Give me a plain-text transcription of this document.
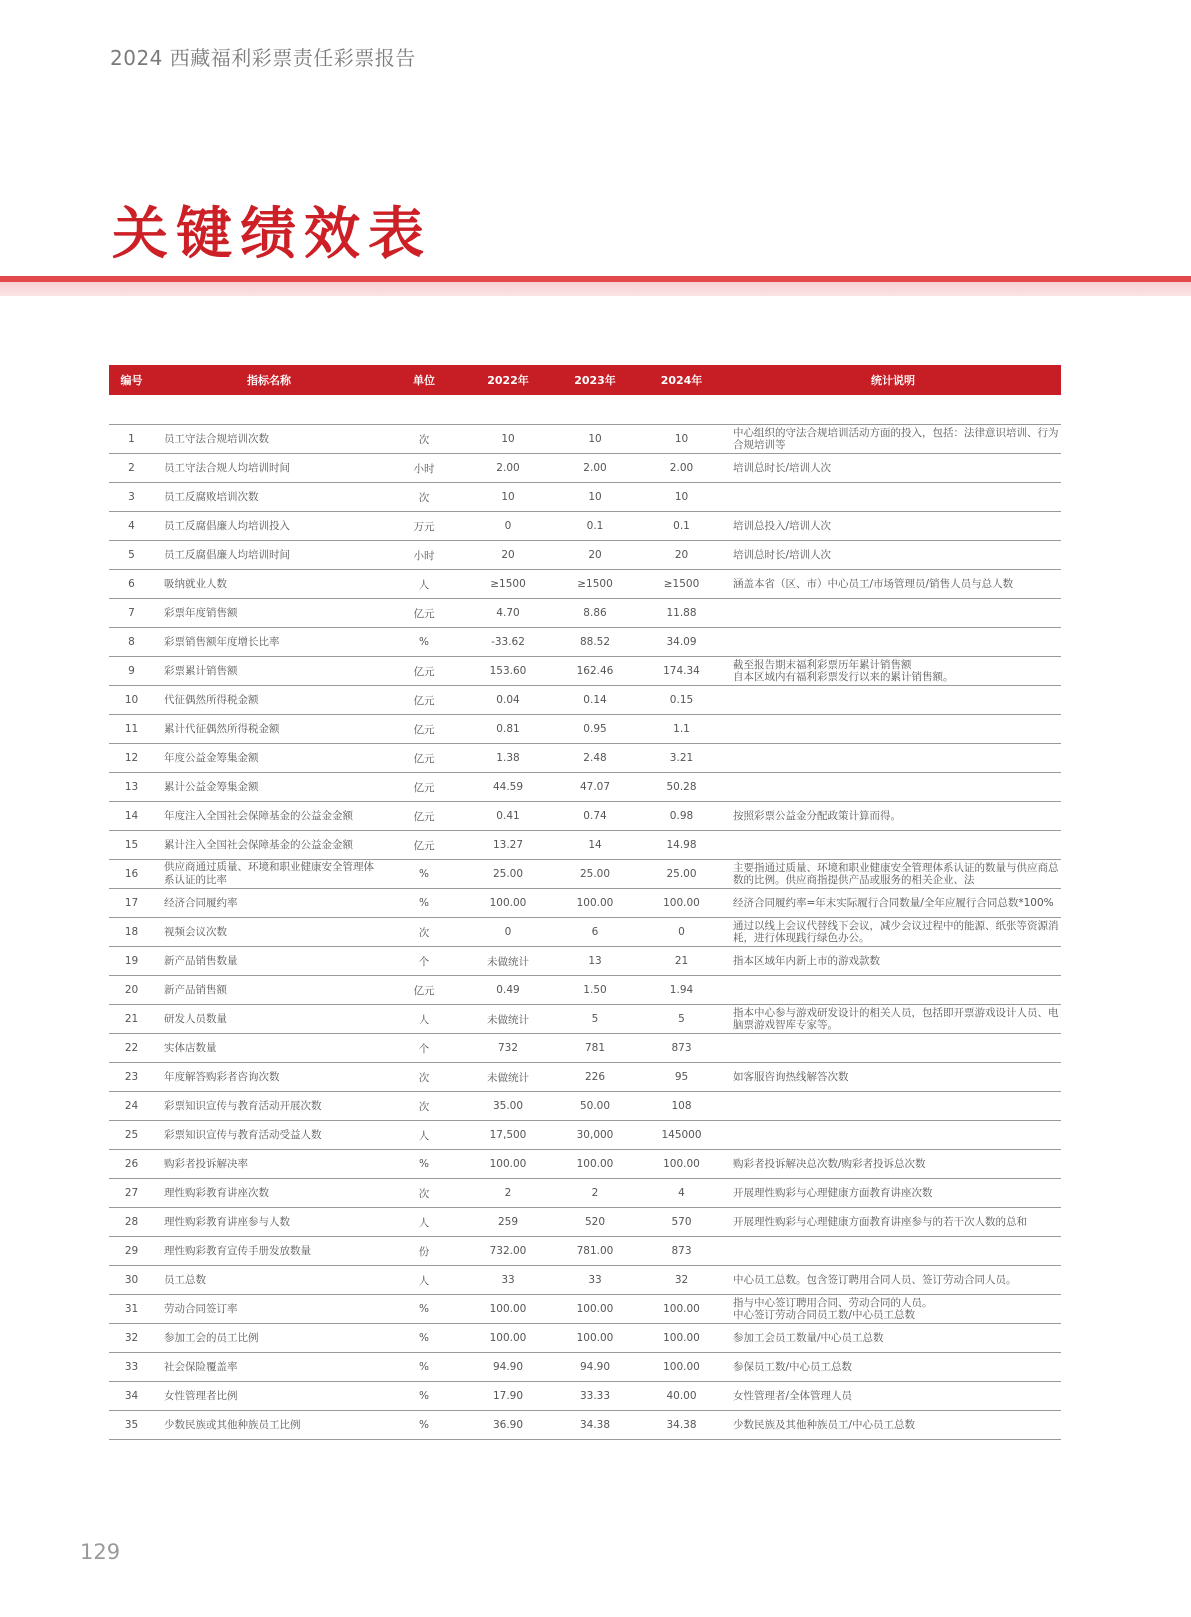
2024 西藏福利彩票责任彩票报告
关键绩效表
编号	指标名称	单位	2022年	2023年	2024年	统计说明

1	员工守法合规培训次数	次	10	10	10	中心组织的守法合规培训活动方面的投入，包括：法律意识培训、行为合规培训等
2	员工守法合规人均培训时间	小时	2.00	2.00	2.00	培训总时长/培训人次
3	员工反腐败培训次数	次	10	10	10	
4	员工反腐倡廉人均培训投入	万元	0	0.1	0.1	培训总投入/培训人次
5	员工反腐倡廉人均培训时间	小时	20	20	20	培训总时长/培训人次
6	吸纳就业人数	人	≥1500	≥1500	≥1500	涵盖本省（区、市）中心员工/市场管理员/销售人员与总人数
7	彩票年度销售额	亿元	4.70	8.86	11.88	
8	彩票销售额年度增长比率	%	-33.62	88.52	34.09	
9	彩票累计销售额	亿元	153.60	162.46	174.34	截至报告期末福利彩票历年累计销售额
自本区域内有福利彩票发行以来的累计销售额。
10	代征偶然所得税金额	亿元	0.04	0.14	0.15	
11	累计代征偶然所得税金额	亿元	0.81	0.95	1.1	
12	年度公益金筹集金额	亿元	1.38	2.48	3.21	
13	累计公益金筹集金额	亿元	44.59	47.07	50.28	
14	年度注入全国社会保障基金的公益金金额	亿元	0.41	0.74	0.98	按照彩票公益金分配政策计算而得。
15	累计注入全国社会保障基金的公益金金额	亿元	13.27	14	14.98	
16	供应商通过质量、环境和职业健康安全管理体系认证的比率	%	25.00	25.00	25.00	主要指通过质量、环境和职业健康安全管理体系认证的数量与供应商总数的比例。供应商指提供产品或服务的相关企业、法
17	经济合同履约率	%	100.00	100.00	100.00	经济合同履约率=年末实际履行合同数量/全年应履行合同总数*100%
18	视频会议次数	次	0	6	0	通过以线上会议代替线下会议，减少会议过程中的能源、纸张等资源消耗，进行体现践行绿色办公。
19	新产品销售数量	个	未做统计	13	21	指本区域年内新上市的游戏款数
20	新产品销售额	亿元	0.49	1.50	1.94	
21	研发人员数量	人	未做统计	5	5	指本中心参与游戏研发设计的相关人员，包括即开票游戏设计人员、电脑票游戏智库专家等。
22	实体店数量	个	732	781	873	
23	年度解答购彩者咨询次数	次	未做统计	226	95	如客服咨询热线解答次数
24	彩票知识宣传与教育活动开展次数	次	35.00	50.00	108	
25	彩票知识宣传与教育活动受益人数	人	17,500	30,000	145000	
26	购彩者投诉解决率	%	100.00	100.00	100.00	购彩者投诉解决总次数/购彩者投诉总次数
27	理性购彩教育讲座次数	次	2	2	4	开展理性购彩与心理健康方面教育讲座次数
28	理性购彩教育讲座参与人数	人	259	520	570	开展理性购彩与心理健康方面教育讲座参与的若干次人数的总和
29	理性购彩教育宣传手册发放数量	份	732.00	781.00	873	
30	员工总数	人	33	33	32	中心员工总数。包含签订聘用合同人员、签订劳动合同人员。
31	劳动合同签订率	%	100.00	100.00	100.00	指与中心签订聘用合同、劳动合同的人员。
中心签订劳动合同员工数/中心员工总数
32	参加工会的员工比例	%	100.00	100.00	100.00	参加工会员工数量/中心员工总数
33	社会保险覆盖率	%	94.90	94.90	100.00	参保员工数/中心员工总数
34	女性管理者比例	%	17.90	33.33	40.00	女性管理者/全体管理人员
35	少数民族或其他种族员工比例	%	36.90	34.38	34.38	少数民族及其他种族员工/中心员工总数
129
